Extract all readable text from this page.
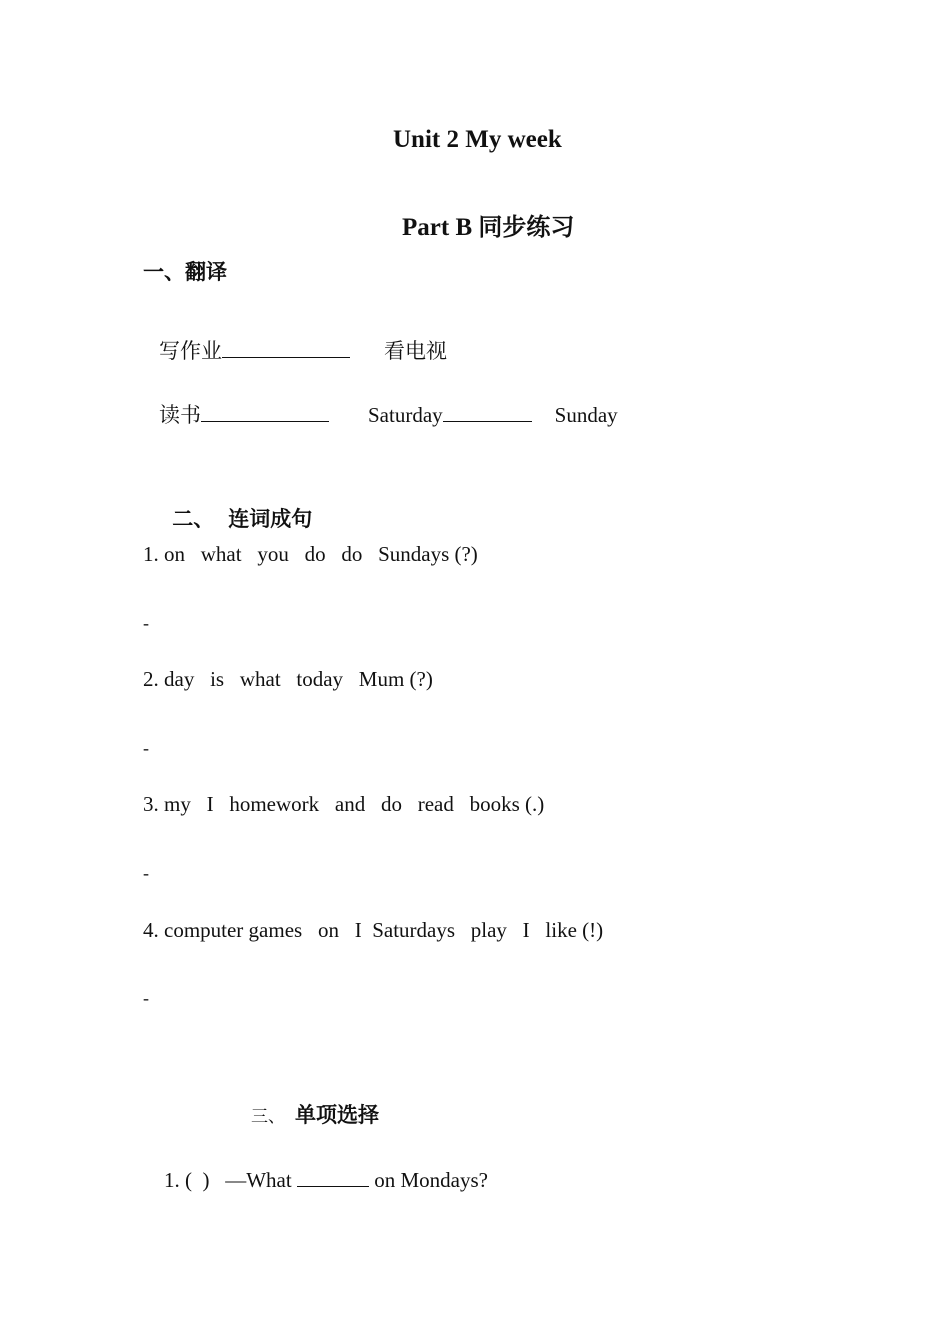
Unit 2 My week

Part B 同步练习

一、翻译

写作业	看电视

读书	Saturday	Sunday

二、 连词成句

1. on   what   you   do   do   Sundays (?)
-
2. day   is   what   today   Mum (?)
-
3. my   I   homework   and   do   read   books (.)
-
4. computer games   on   I  Saturdays   play   I   like (!)
-

三、 单项选择

1. (  )   —What	on Mondays?
